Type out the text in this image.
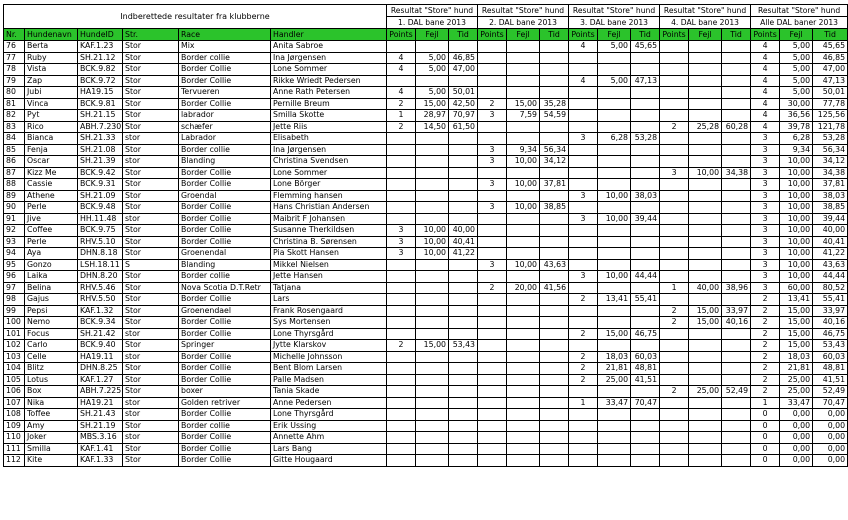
Indberettede resultater fra klubberne						Resultat "Store" hund			Resultat "Store" hund			Resultat "Store" hund			Resultat "Store" hund			Resultat "Store" hund		
						1. DAL bane 2013			2. DAL bane 2013			3. DAL bane 2013			4. DAL bane 2013			Alle DAL baner 2013		
Nr.	Hundenavn	HundeID	Str.	Race	Handler	Points	Fejl	Tid	Points	Fejl	Tid	Points	Fejl	Tid	Points	Fejl	Tid	Points	Fejl	Tid
76	Berta	KAF.1.23	Stor	Mix	Anita Sabroe							4	5,00	45,65				4	5,00	45,65
77	Ruby	SH.21.12	Stor	Border collie	Ina Jørgensen	4	5,00	46,85										4	5,00	46,85
78	Vista	BCK.9.82	Stor	Border Collie	Lone Sommer	4	5,00	47,00										4	5,00	47,00
79	Zap	BCK.9.72	Stor	Border Collie	Rikke Wriedt Pedersen							4	5,00	47,13				4	5,00	47,13
80	Jubi	HA19.15	Stor	Tervueren	Anne Rath Petersen	4	5,00	50,01										4	5,00	50,01
81	Vinca	BCK.9.81	Stor	Border Collie	Pernille Breum	2	15,00	42,50	2	15,00	35,28							4	30,00	77,78
82	Pyt	SH.21.15	Stor	labrador	Smilla Skotte	1	28,97	70,97	3	7,59	54,59							4	36,56	125,56
83	Rico	ABH.7.230	Stor	schæfer	Jette Riis	2	14,50	61,50							2	25,28	60,28	4	39,78	121,78
84	Bianca	SH.21.33	stor	Labrador	Elisabeth							3	6,28	53,28				3	6,28	53,28
85	Fenja	SH.21.08	Stor	Border collie	Ina Jørgensen				3	9,34	56,34							3	9,34	56,34
86	Oscar	SH.21.39	stor	Blanding	Christina Svendsen				3	10,00	34,12							3	10,00	34,12
87	Kizz Me	BCK.9.42	Stor	Border Collie	Lone Sommer										3	10,00	34,38	3	10,00	34,38
88	Cassie	BCK.9.31	Stor	Border Collie	Lone Börger				3	10,00	37,81							3	10,00	37,81
89	Athene	SH.21.09	Stor	Groendal	Flemming hansen							3	10,00	38,03				3	10,00	38,03
90	Perle	BCK.9.48	Stor	Border Collie	Hans Christian Andersen				3	10,00	38,85							3	10,00	38,85
91	Jive	HH.11.48	stor	Border Collie	Maibrit F Johansen							3	10,00	39,44				3	10,00	39,44
92	Coffee	BCK.9.75	Stor	Border Collie	Susanne Therkildsen	3	10,00	40,00										3	10,00	40,00
93	Perle	RHV.5.10	Stor	Border Collie	Christina B. Sørensen	3	10,00	40,41										3	10,00	40,41
94	Aya	DHN.8.18	Stor	Groenendal	Pia Skott Hansen	3	10,00	41,22										3	10,00	41,22
95	Gonzo	LSH.18.11	S	Blanding	Mikkel Nielsen				3	10,00	43,63							3	10,00	43,63
96	Laika	DHN.8.20	Stor	Border collie	Jette Hansen							3	10,00	44,44				3	10,00	44,44
97	Belina	RHV.5.46	Stor	Nova Scotia D.T.Retr	Tatjana				2	20,00	41,56				1	40,00	38,96	3	60,00	80,52
98	Gajus	RHV.5.50	Stor	Border Collie	Lars							2	13,41	55,41				2	13,41	55,41
99	Pepsi	KAF.1.32	Stor	Groenendael	Frank Rosengaard										2	15,00	33,97	2	15,00	33,97
100	Nemo	BCK.9.34	Stor	Border Collie	Sys Mortensen										2	15,00	40,16	2	15,00	40,16
101	Focus	SH.21.42	stor	Border Collie	Lone Thyrsgård							2	15,00	46,75				2	15,00	46,75
102	Carlo	BCK.9.40	Stor	Springer	Jytte Klarskov	2	15,00	53,43										2	15,00	53,43
103	Celle	HA19.11	stor	Border Collie	Michelle Johnsson							2	18,03	60,03				2	18,03	60,03
104	Blitz	DHN.8.25	Stor	Border Collie	Bent Blom Larsen							2	21,81	48,81				2	21,81	48,81
105	Lotus	KAF.1.27	Stor	Border Collie	Palle Madsen							2	25,00	41,51				2	25,00	41,51
106	Box	ABH.7.225	Stor	boxer	Tania Skade										2	25,00	52,49	2	25,00	52,49
107	Nika	HA19.21	stor	Golden retriver	Anne Pedersen							1	33,47	70,47				1	33,47	70,47
108	Toffee	SH.21.43	stor	Border Collie	Lone Thyrsgård													0	0,00	0,00
109	Amy	SH.21.19	Stor	Border collie	Erik Ussing													0	0,00	0,00
110	Joker	MBS.3.16	stor	Border Collie	Annette Ahm													0	0,00	0,00
111	Smilla	KAF.1.41	Stor	Border Collie	Lars Bang													0	0,00	0,00
112	Kite	KAF.1.33	Stor	Border Collie	Gitte Hougaard													0	0,00	0,00
